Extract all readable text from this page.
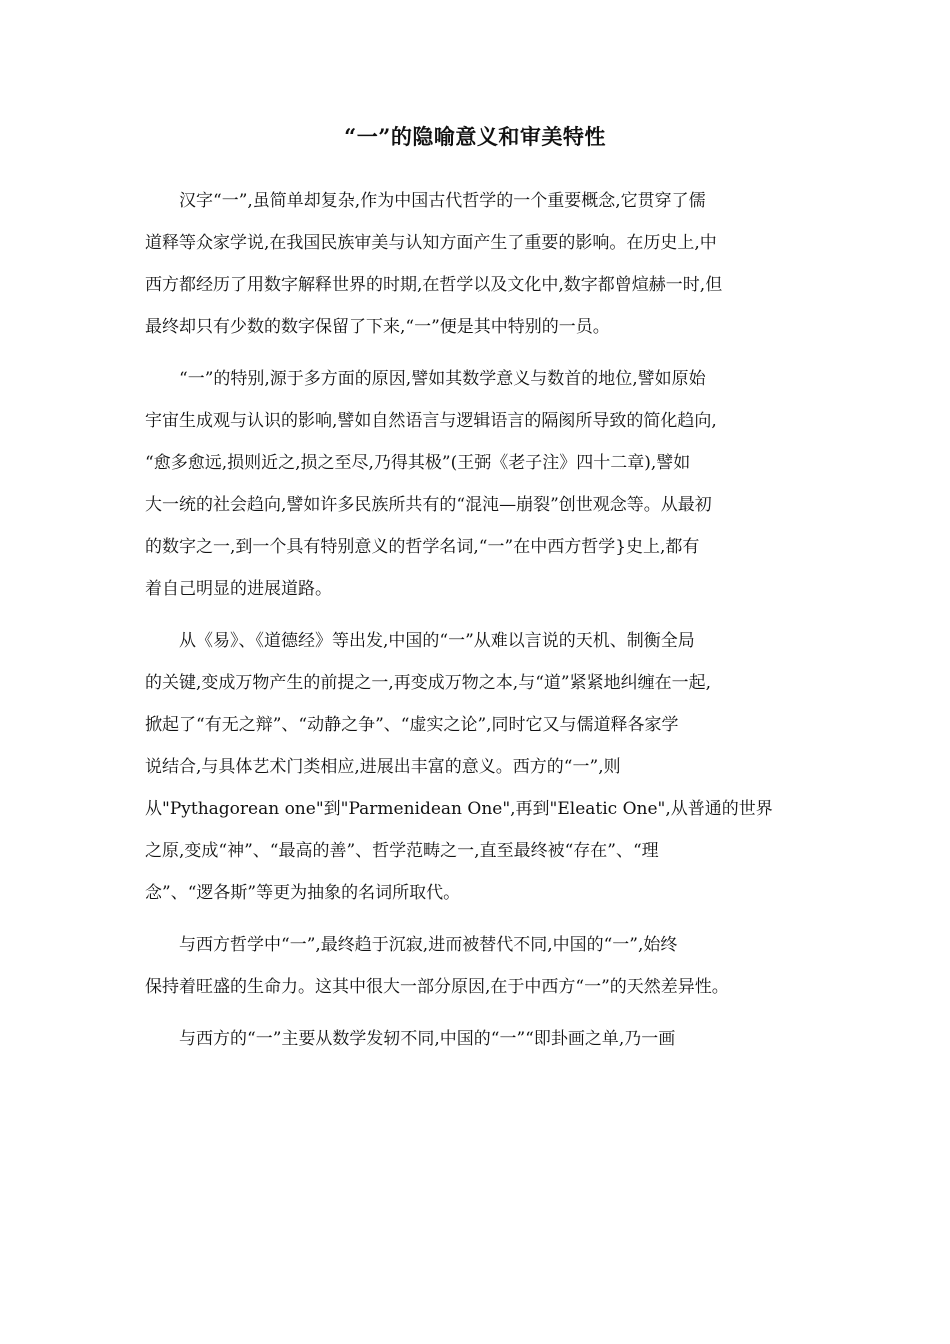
“一”的隐喻意义和审美特性
汉字“一”,虽简单却复杂,作为中国古代哲学的一个重要概念,它贯穿了儒
道释等众家学说,在我国民族审美与认知方面产生了重要的影响。在历史上,中
西方都经历了用数字解释世界的时期,在哲学以及文化中,数字都曾煊赫一时,但
最终却只有少数的数字保留了下来,“一”便是其中特别的一员。
“一”的特别,源于多方面的原因,譬如其数学意义与数首的地位,譬如原始
宇宙生成观与认识的影响,譬如自然语言与逻辑语言的隔阂所导致的简化趋向,
“愈多愈远,损则近之,损之至尽,乃得其极”(王弼《老子注》四十二章),譬如
大一统的社会趋向,譬如许多民族所共有的“混沌—崩裂”创世观念等。从最初
的数字之一,到一个具有特别意义的哲学名词,“一”在中西方哲学}史上,都有
着自己明显的进展道路。
从《易》、《道德经》等出发,中国的“一”从难以言说的天机、制衡全局
的关键,变成万物产生的前提之一,再变成万物之本,与“道”紧紧地纠缠在一起,
掀起了“有无之辩”、“动静之争”、“虚实之论”,同时它又与儒道释各家学
说结合,与具体艺术门类相应,进展出丰富的意义。西方的“一”,则
从"Pythagorean one"到"Parmenidean One",再到"Eleatic One",从普通的世界
之原,变成“神”、“最高的善”、哲学范畴之一,直至最终被“存在”、“理
念”、“逻各斯”等更为抽象的名词所取代。
与西方哲学中“一”,最终趋于沉寂,进而被替代不同,中国的“一”,始终
保持着旺盛的生命力。这其中很大一部分原因,在于中西方“一”的天然差异性。
与西方的“一”主要从数学发轫不同,中国的“一”“即卦画之单,乃一画
